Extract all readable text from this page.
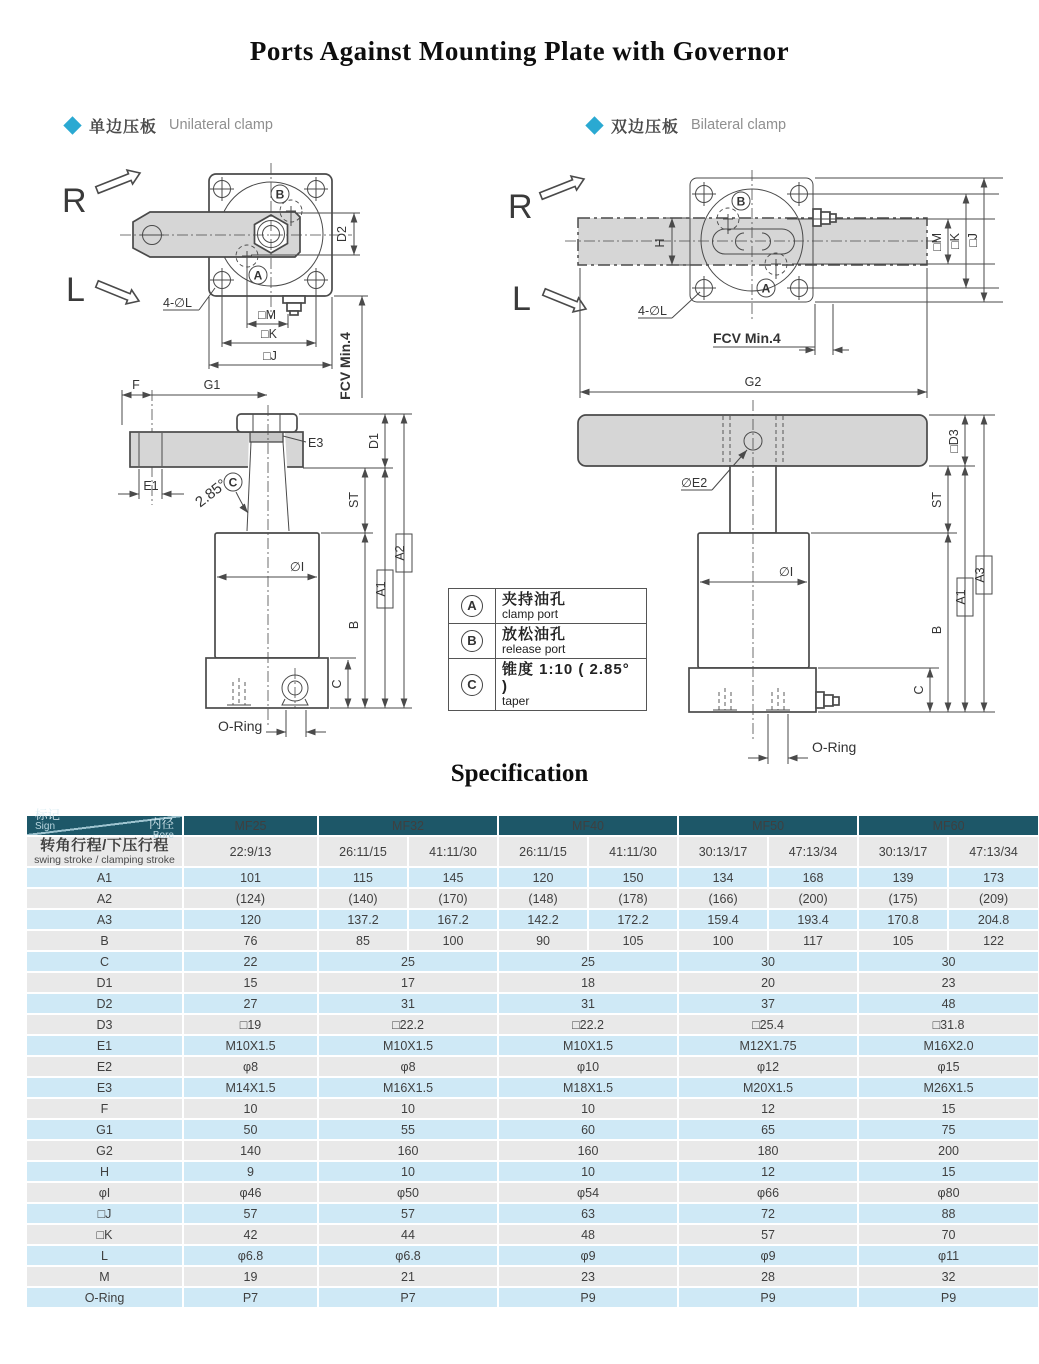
Ports Against Mounting Plate with Governor
单边压板 Unilateral clamp	双边压板 Bilateral clamp
R
L
B
A
4-∅L
D2
□M
□K
□J	FCV Min.4
F	G1
E3
E1 2.85°
C
∅I
O-Ring
C
ST
B
D1
A1
A2
R
L
B
A
H
4-∅L
FCV Min.4
□M □K □J
G2
∅E2
∅I
O-Ring
C
ST
B
□D3
A1
A3
A	夹持油孔
clamp port

B	放松油孔
release port

C	锥度 1:10 ( 2.85° )
taper
Specification
内径
Bore
标记
Sign	MF25	MF32		MF40		MF50		MF60	

转角行程/下压行程
swing stroke / clamping stroke	22:9/13	26:11/15	41:11/30	26:11/15	41:11/30	30:13/17	47:13/34	30:13/17	47:13/34
A1	101	115	145	120	150	134	168	139	173
A2	(124)	(140)	(170)	(148)	(178)	(166)	(200)	(175)	(209)
A3	120	137.2	167.2	142.2	172.2	159.4	193.4	170.8	204.8
B	76	85	100	90	105	100	117	105	122
C	22	25		25		30		30	
D1	15	17		18		20		23	
D2	27	31		31		37		48	
D3	□19	□22.2		□22.2		□25.4		□31.8	
E1	M10X1.5	M10X1.5		M10X1.5		M12X1.75		M16X2.0	
E2	φ8	φ8		φ10		φ12		φ15	
E3	M14X1.5	M16X1.5		M18X1.5		M20X1.5		M26X1.5	
F	10	10		10		12		15	
G1	50	55		60		65		75	
G2	140	160		160		180		200	
H	9	10		10		12		15	
φI	φ46	φ50		φ54		φ66		φ80	
□J	57	57		63		72		88	
□K	42	44		48		57		70	
L	φ6.8	φ6.8		φ9		φ9		φ11	
M	19	21		23		28		32	
O-Ring	P7	P7		P9		P9		P9	
